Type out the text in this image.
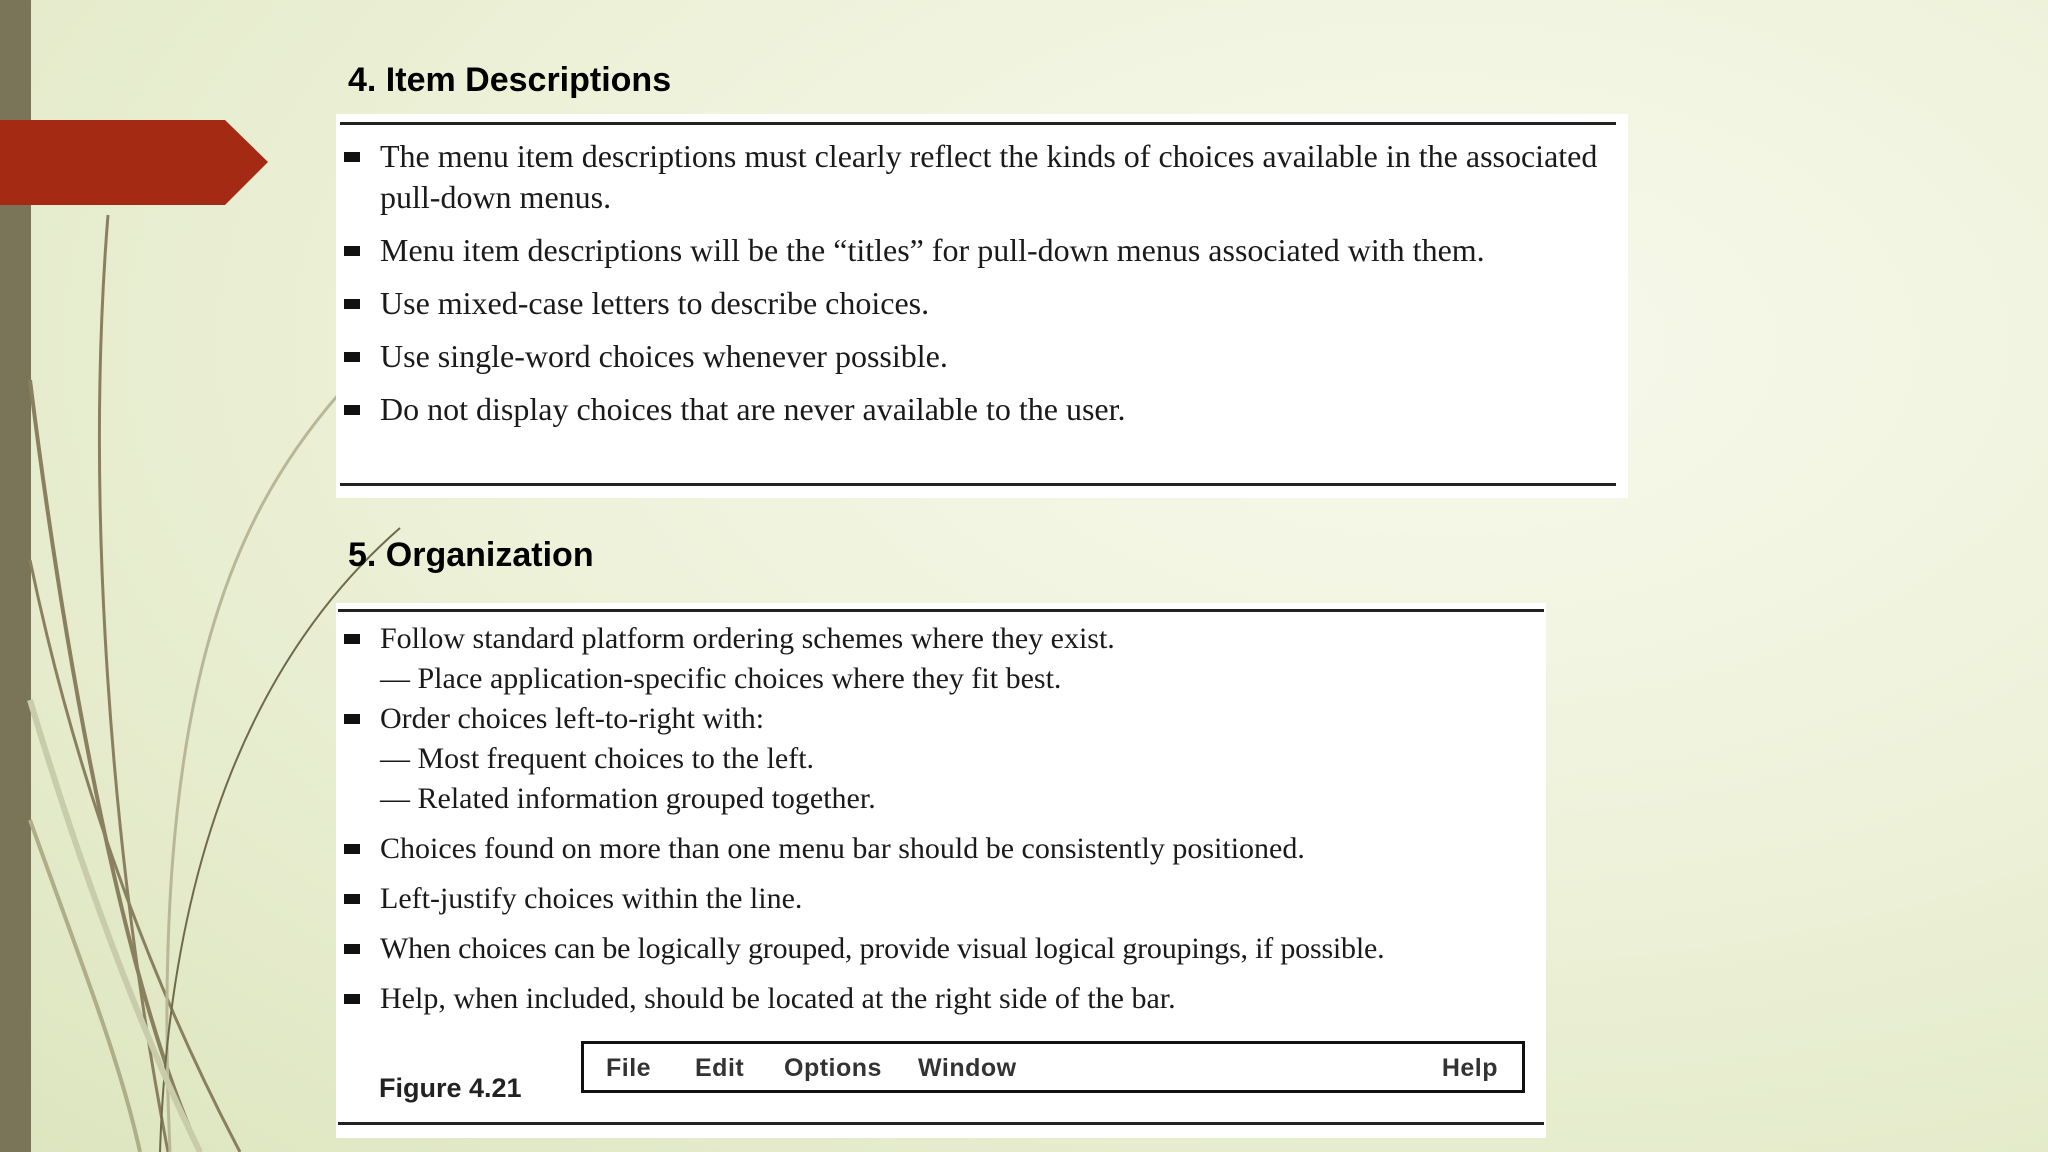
4. Item Descriptions
The menu item descriptions must clearly reflect the kinds of choices available in the associated pull-down menus.
Menu item descriptions will be the “titles” for pull-down menus associated with them.
Use mixed-case letters to describe choices.
Use single-word choices whenever possible.
Do not display choices that are never available to the user.
5. Organization
Follow standard platform ordering schemes where they exist.
— Place application-specific choices where they fit best.
Order choices left-to-right with:
— Most frequent choices to the left.
— Related information grouped together.
Choices found on more than one menu bar should be consistently positioned.
Left-justify choices within the line.
When choices can be logically grouped, provide visual logical groupings, if possible.
Help, when included, should be located at the right side of the bar.
Figure 4.21
File Edit Options Window	Help
